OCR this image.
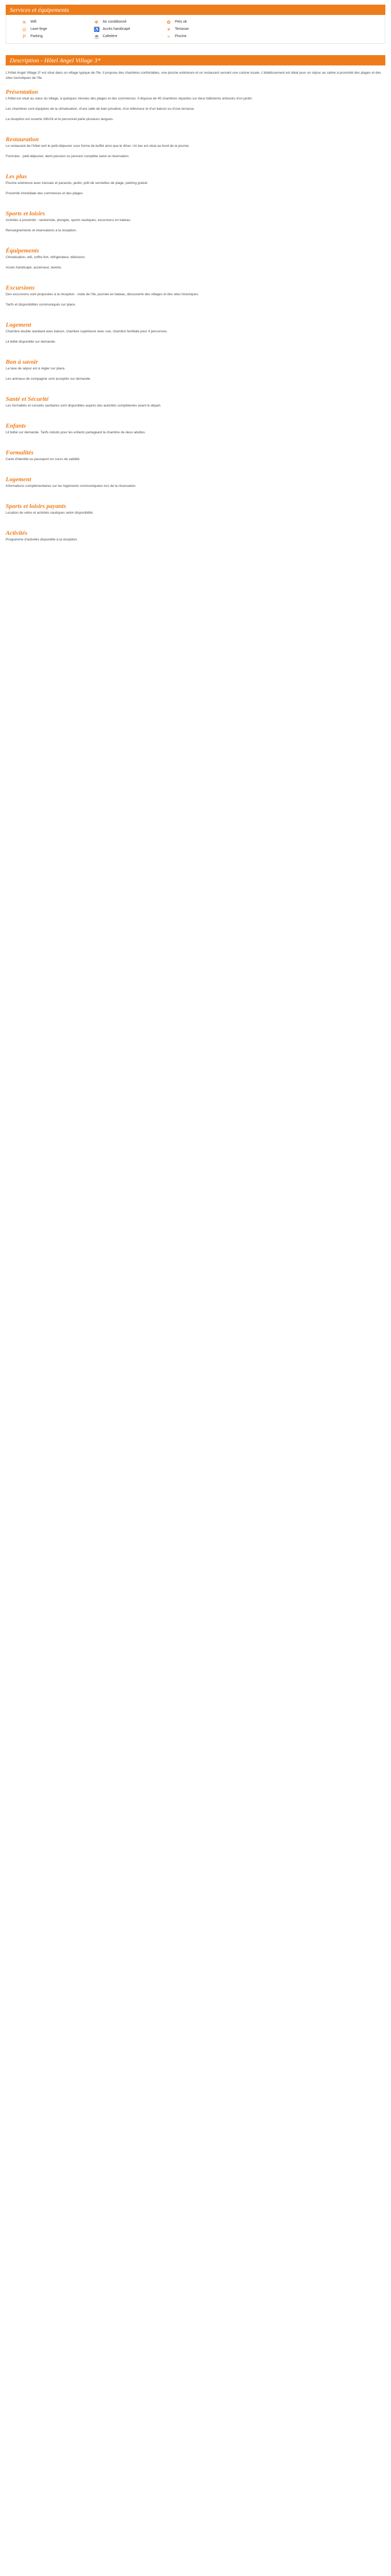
Services et équipements
≋ Wifi	✻ Air conditionné	✿ Pets ok
◎ Lave-linge	♿ Accès handicapé	☀ Terrasse
P Parking	☕ Cafetière	≈	Piscine
Description - Hôtel Angel Village 3*

L'Hôtel Angel Village 3* est situé dans un village typique de l'île. Il propose des chambres confortables, une piscine extérieure et un restaurant servant une cuisine locale. L'établissement est idéal pour un séjour au calme à proximité des plages et des sites touristiques de l'île.

Présentation

L'hôtel est situé au cœur du village, à quelques minutes des plages et des commerces. Il dispose de 45 chambres réparties sur deux bâtiments entourés d'un jardin.

Les chambres sont équipées de la climatisation, d'une salle de bain privative, d'un téléviseur et d'un balcon ou d'une terrasse.

La réception est ouverte 24h/24 et le personnel parle plusieurs langues.

Restauration

Le restaurant de l'hôtel sert le petit-déjeuner sous forme de buffet ainsi que le dîner. Un bar est situé au bord de la piscine.

Formules : petit-déjeuner, demi-pension ou pension complète selon la réservation.

Les plus

Piscine extérieure avec transats et parasols, jardin, prêt de serviettes de plage, parking gratuit.

Proximité immédiate des commerces et des plages.

Sports et loisirs

Activités à proximité : randonnée, plongée, sports nautiques, excursions en bateau.

Renseignements et réservations à la réception.

Équipements

Climatisation, wifi, coffre-fort, réfrigérateur, télévision.

Accès handicapé, ascenseur, laverie.

Excursions

Des excursions sont proposées à la réception : visite de l'île, journée en bateau, découverte des villages et des sites historiques.

Tarifs et disponibilités communiqués sur place.

Logement

Chambre double standard avec balcon, chambre supérieure avec vue, chambre familiale pour 4 personnes.

Lit bébé disponible sur demande.

Bon à savoir

La taxe de séjour est à régler sur place.

Les animaux de compagnie sont acceptés sur demande.

Santé et Sécurité

Les formalités et conseils sanitaires sont disponibles auprès des autorités compétentes avant le départ.

Enfants

Lit bébé sur demande. Tarifs réduits pour les enfants partageant la chambre de deux adultes.

Formalités

Carte d'identité ou passeport en cours de validité.

Logement

Informations complémentaires sur les logements communiquées lors de la réservation.

Sports et loisirs payants

Location de vélos et activités nautiques selon disponibilité.

Activités

Programme d'activités disponible à la réception.
